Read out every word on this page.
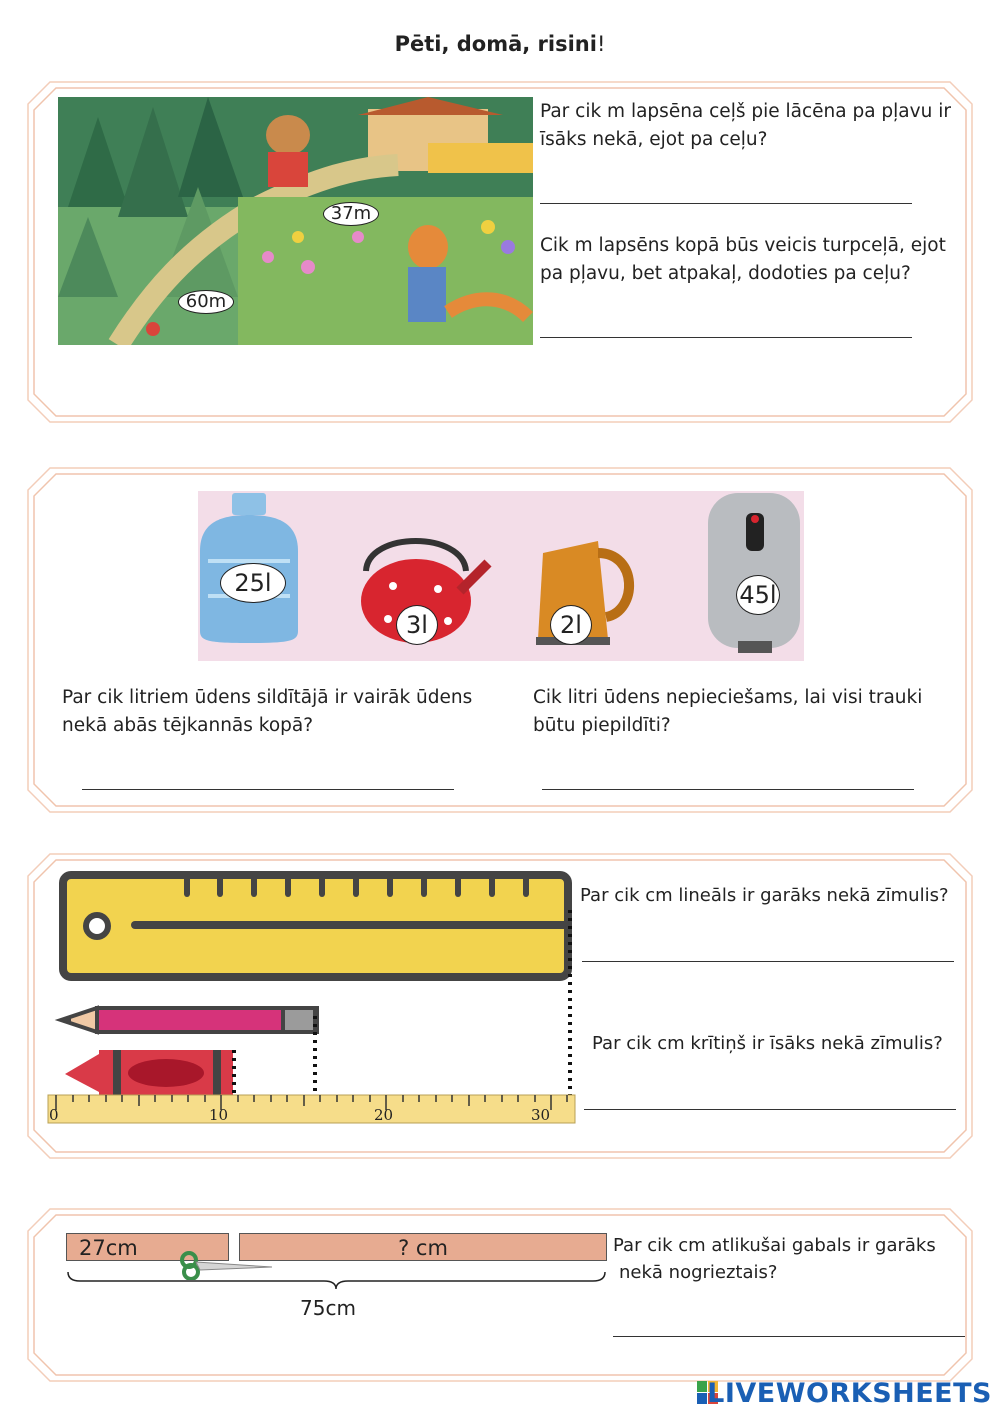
Pēti, domā, risini!
37m
60m
Par cik m lapsēna ceļš pie lācēna pa pļavu ir īsāks nekā, ejot pa ceļu?
Cik m lapsēns kopā būs veicis turpceļā, ejot pa pļavu, bet atpakaļ, dodoties pa ceļu?
25l
3l	2l
45l
Par cik litriem ūdens sildītājā ir vairāk ūdens nekā abās tējkannās kopā?
Cik litri ūdens nepieciešams, lai visi trauki būtu piepildīti?
0	10	20	30
Par cik cm lineāls ir garāks nekā zīmulis?
Par cik cm krītiņš ir īsāks nekā zīmulis?
27cm	? cm
75cm
Par cik cm atlikušai gabals ir garāks
nekā nogrieztais?
LIVEWORKSHEETS
